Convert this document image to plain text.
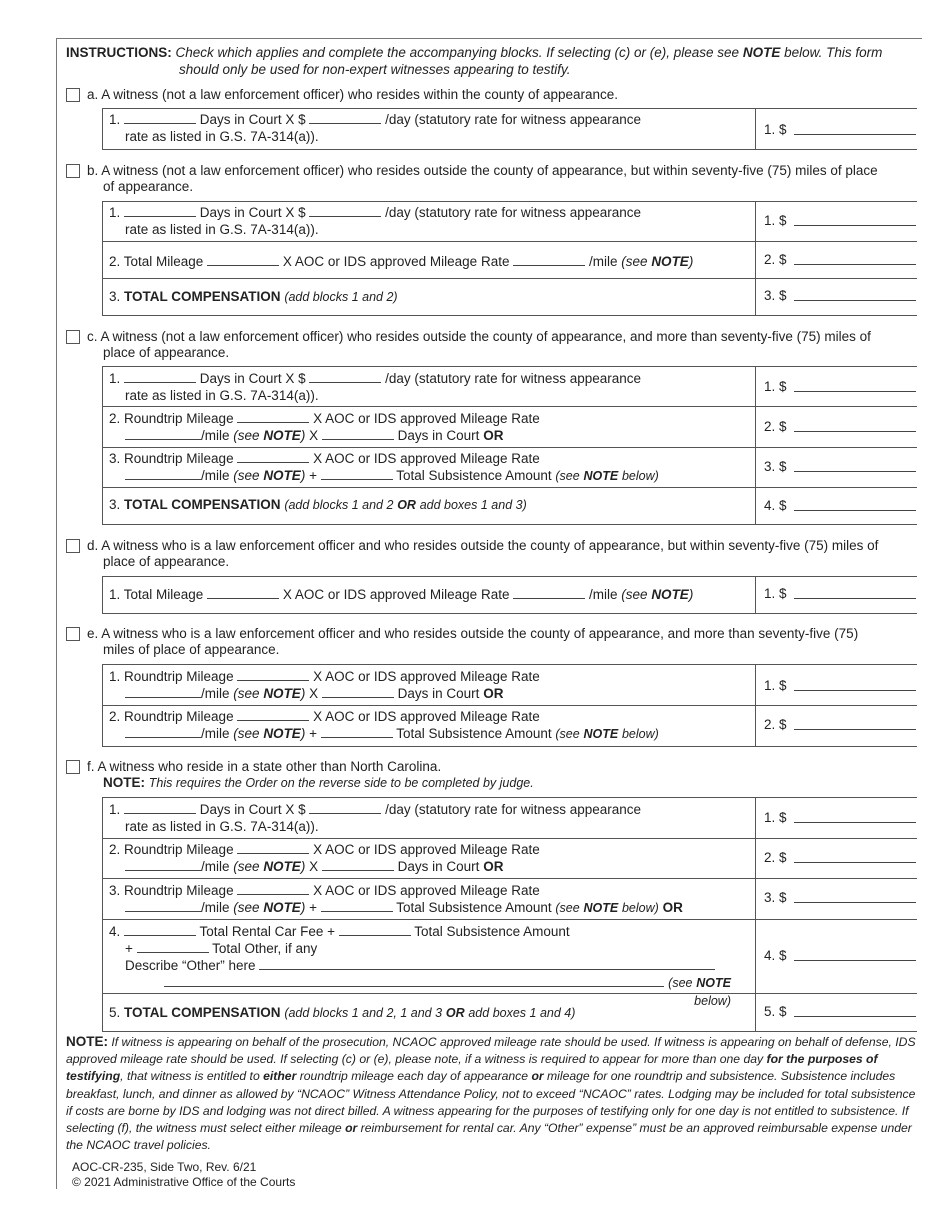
INSTRUCTIONS: Check which applies and complete the accompanying blocks. If selecting (c) or (e), please see NOTE below. This form
should only be used for non-expert witnesses appearing to testify.
a. A witness (not a law enforcement officer) who resides within the county of appearance.
1.	Days in Court X $	/day (statutory rate for witness appearance
rate as listed in G.S. 7A-314(a)).	1. $
b. A witness (not a law enforcement officer) who resides outside the county of appearance, but within seventy-five (75) miles of place
of appearance.
1.	Days in Court X $	/day (statutory rate for witness appearance
rate as listed in G.S. 7A-314(a)).
1. $
2. Total Mileage	X AOC or IDS approved Mileage Rate	/mile (see NOTE)	2. $
3. TOTAL COMPENSATION (add blocks 1 and 2)	3. $
c. A witness (not a law enforcement officer) who resides outside the county of appearance, and more than seventy-five (75) miles of
place of appearance.
1.	Days in Court X $	/day (statutory rate for witness appearance
rate as listed in G.S. 7A-314(a)).
1. $
2. Roundtrip Mileage	X AOC or IDS approved Mileage Rate
/mile (see NOTE) X	Days in Court OR
2. $
3. Roundtrip Mileage	X AOC or IDS approved Mileage Rate
/mile (see NOTE) +	Total Subsistence Amount (see NOTE below)
3. $
3. TOTAL COMPENSATION (add blocks 1 and 2 OR add boxes 1 and 3)	4. $
d. A witness who is a law enforcement officer and who resides outside the county of appearance, but within seventy-five (75) miles of
place of appearance.
1. Total Mileage	X AOC or IDS approved Mileage Rate	/mile (see NOTE)	1. $
e. A witness who is a law enforcement officer and who resides outside the county of appearance, and more than seventy-five (75)
miles of place of appearance.
1. Roundtrip Mileage	X AOC or IDS approved Mileage Rate
/mile (see NOTE) X	Days in Court OR
1. $
2. Roundtrip Mileage	X AOC or IDS approved Mileage Rate
/mile (see NOTE) +	Total Subsistence Amount (see NOTE below)
2. $
f. A witness who reside in a state other than North Carolina.
NOTE: This requires the Order on the reverse side to be completed by judge.
1.	Days in Court X $	/day (statutory rate for witness appearance
rate as listed in G.S. 7A-314(a)).
1. $
2. Roundtrip Mileage	X AOC or IDS approved Mileage Rate
/mile (see NOTE) X	Days in Court OR
2. $
3. Roundtrip Mileage	X AOC or IDS approved Mileage Rate
/mile (see NOTE) +	Total Subsistence Amount (see NOTE below) OR
3. $
4.	Total Rental Car Fee +	Total Subsistence Amount
+	Total Other, if any
Describe “Other” here
(see NOTE below)
4. $
5. TOTAL COMPENSATION (add blocks 1 and 2, 1 and 3 OR add boxes 1 and 4)	5. $
NOTE: If witness is appearing on behalf of the prosecution, NCAOC approved mileage rate should be used. If witness is appearing on behalf of defense, IDS approved mileage rate should be used. If selecting (c) or (e), please note, if a witness is required to appear for more than one day for the purposes of testifying, that witness is entitled to either roundtrip mileage each day of appearance or mileage for one roundtrip and subsistence. Subsistence includes breakfast, lunch, and dinner as allowed by “NCAOC” Witness Attendance Policy, not to exceed “NCAOC” rates. Lodging may be included for total subsistence if costs are borne by IDS and lodging was not direct billed. A witness appearing for the purposes of testifying only for one day is not entitled to subsistence. If selecting (f), the witness must select either mileage or reimbursement for rental car. Any “Other” expense” must be an approved reimbursable expense under the NCAOC travel policies.
AOC-CR-235, Side Two, Rev. 6/21
© 2021 Administrative Office of the Courts
